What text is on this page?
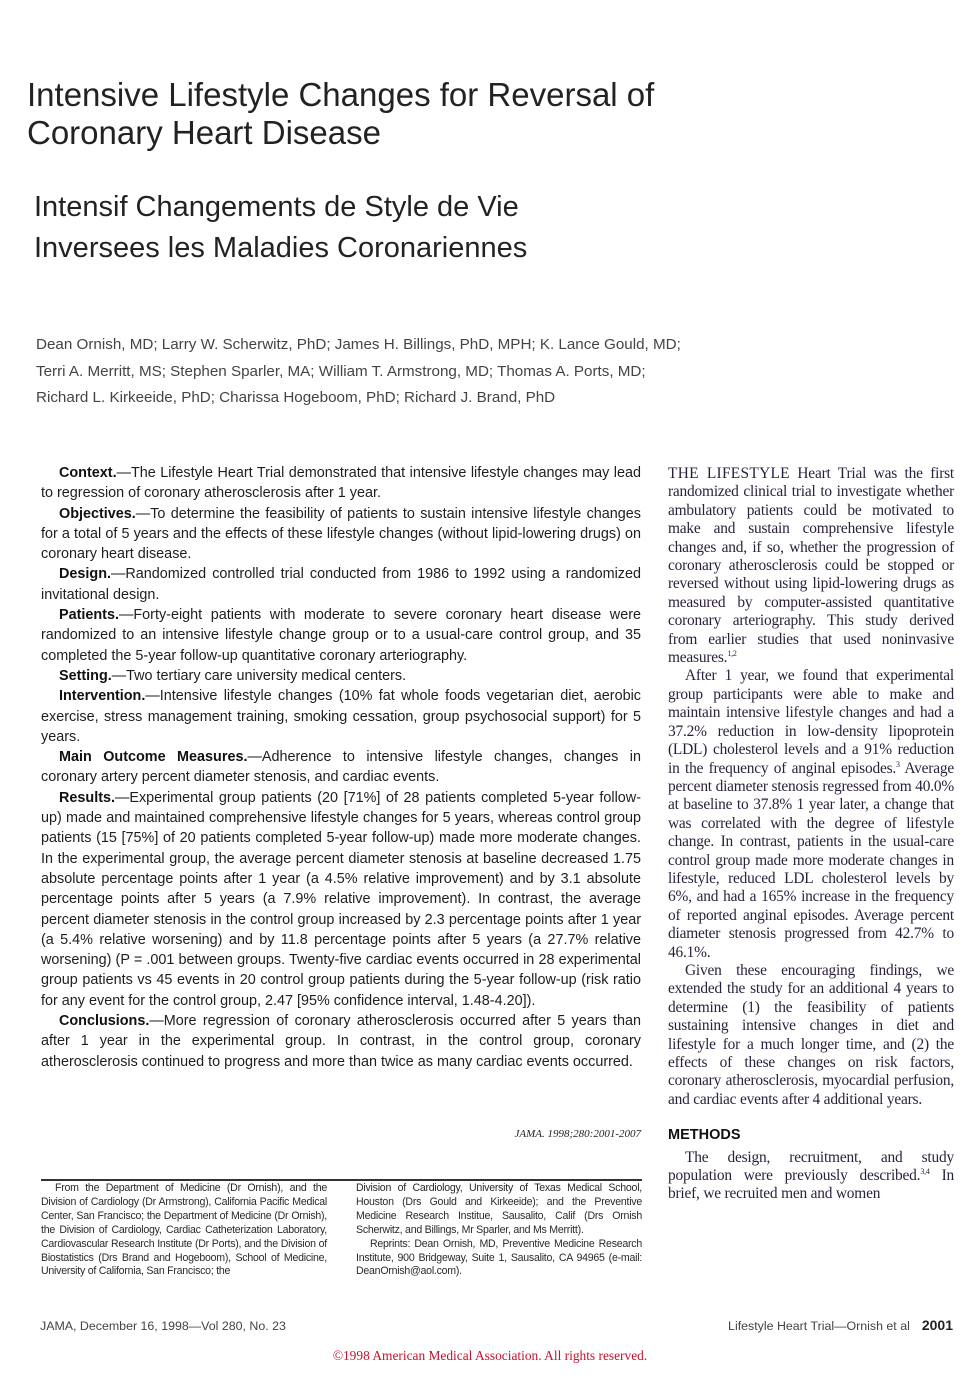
Intensive Lifestyle Changes for Reversal of Coronary Heart Disease
Intensif Changements de Style de Vie Inversees les Maladies Coronariennes
Dean Ornish, MD; Larry W. Scherwitz, PhD; James H. Billings, PhD, MPH; K. Lance Gould, MD;
Terri A. Merritt, MS; Stephen Sparler, MA; William T. Armstrong, MD; Thomas A. Ports, MD;
Richard L. Kirkeeide, PhD; Charissa Hogeboom, PhD; Richard J. Brand, PhD

Context.—The Lifestyle Heart Trial demonstrated that intensive lifestyle changes may lead to regression of coronary atherosclerosis after 1 year.

Objectives.—To determine the feasibility of patients to sustain intensive lifestyle changes for a total of 5 years and the effects of these lifestyle changes (without lipid-lowering drugs) on coronary heart disease.

Design.—Randomized controlled trial conducted from 1986 to 1992 using a randomized invitational design.

Patients.—Forty-eight patients with moderate to severe coronary heart disease were randomized to an intensive lifestyle change group or to a usual-care control group, and 35 completed the 5-year follow-up quantitative coronary arteriography.

Setting.—Two tertiary care university medical centers.

Intervention.—Intensive lifestyle changes (10% fat whole foods vegetarian diet, aerobic exercise, stress management training, smoking cessation, group psychosocial support) for 5 years.

Main Outcome Measures.—Adherence to intensive lifestyle changes, changes in coronary artery percent diameter stenosis, and cardiac events.

Results.—Experimental group patients (20 [71%] of 28 patients completed 5-year follow-up) made and maintained comprehensive lifestyle changes for 5 years, whereas control group patients (15 [75%] of 20 patients completed 5-year follow-up) made more moderate changes. In the experimental group, the average percent diameter stenosis at baseline decreased 1.75 absolute percentage points after 1 year (a 4.5% relative improvement) and by 3.1 absolute percentage points after 5 years (a 7.9% relative improvement). In contrast, the average percent diameter stenosis in the control group increased by 2.3 percentage points after 1 year (a 5.4% relative worsening) and by 11.8 percentage points after 5 years (a 27.7% relative worsening) (P = .001 between groups. Twenty-five cardiac events occurred in 28 experimental group patients vs 45 events in 20 control group patients during the 5-year follow-up (risk ratio for any event for the control group, 2.47 [95% confidence interval, 1.48-4.20]).

Conclusions.—More regression of coronary atherosclerosis occurred after 5 years than after 1 year in the experimental group. In contrast, in the control group, coronary atherosclerosis continued to progress and more than twice as many cardiac events occurred.

JAMA. 1998;280:2001-2007

From the Department of Medicine (Dr Ornish), and the Division of Cardiology (Dr Armstrong), California Pacific Medical Center, San Francisco; the Department of Medicine (Dr Ornish), the Division of Cardiology, Cardiac Catheterization Laboratory, Cardiovascular Research Institute (Dr Ports), and the Division of Biostatistics (Drs Brand and Hogeboom), School of Medicine, University of California, San Francisco; the

Division of Cardiology, University of Texas Medical School, Houston (Drs Gould and Kirkeeide); and the Preventive Medicine Research Institue, Sausalito, Calif (Drs Ornish Scherwitz, and Billings, Mr Sparler, and Ms Merritt).

Reprints: Dean Ornish, MD, Preventive Medicine Research Institute, 900 Bridgeway, Suite 1, Sausalito, CA 94965 (e-mail: DeanOrnish@aol.com).

THE LIFESTYLE Heart Trial was the first randomized clinical trial to investigate whether ambulatory patients could be motivated to make and sustain comprehensive lifestyle changes and, if so, whether the progression of coronary atherosclerosis could be stopped or reversed without using lipid-lowering drugs as measured by computer-assisted quantitative coronary arteriography. This study derived from earlier studies that used noninvasive measures.$^{1,2}$

After 1 year, we found that experimental group participants were able to make and maintain intensive lifestyle changes and had a 37.2% reduction in low-density lipoprotein (LDL) cholesterol levels and a 91% reduction in the frequency of anginal episodes.$^3$ Average percent diameter stenosis regressed from 40.0% at baseline to 37.8% 1 year later, a change that was correlated with the degree of lifestyle change. In contrast, patients in the usual-care control group made more moderate changes in lifestyle, reduced LDL cholesterol levels by 6%, and had a 165% increase in the frequency of reported anginal episodes. Average percent diameter stenosis progressed from 42.7% to 46.1%.

Given these encouraging findings, we extended the study for an additional 4 years to determine (1) the feasibility of patients sustaining intensive changes in diet and lifestyle for a much longer time, and (2) the effects of these changes on risk factors, coronary atherosclerosis, myocardial perfusion, and cardiac events after 4 additional years.

METHODS

The design, recruitment, and study population were previously described.$^{3,4}$ In brief, we recruited men and women

JAMA, December 16, 1998—Vol 280, No. 23	Lifestyle Heart Trial—Ornish et al 2001
©1998 American Medical Association. All rights reserved.
